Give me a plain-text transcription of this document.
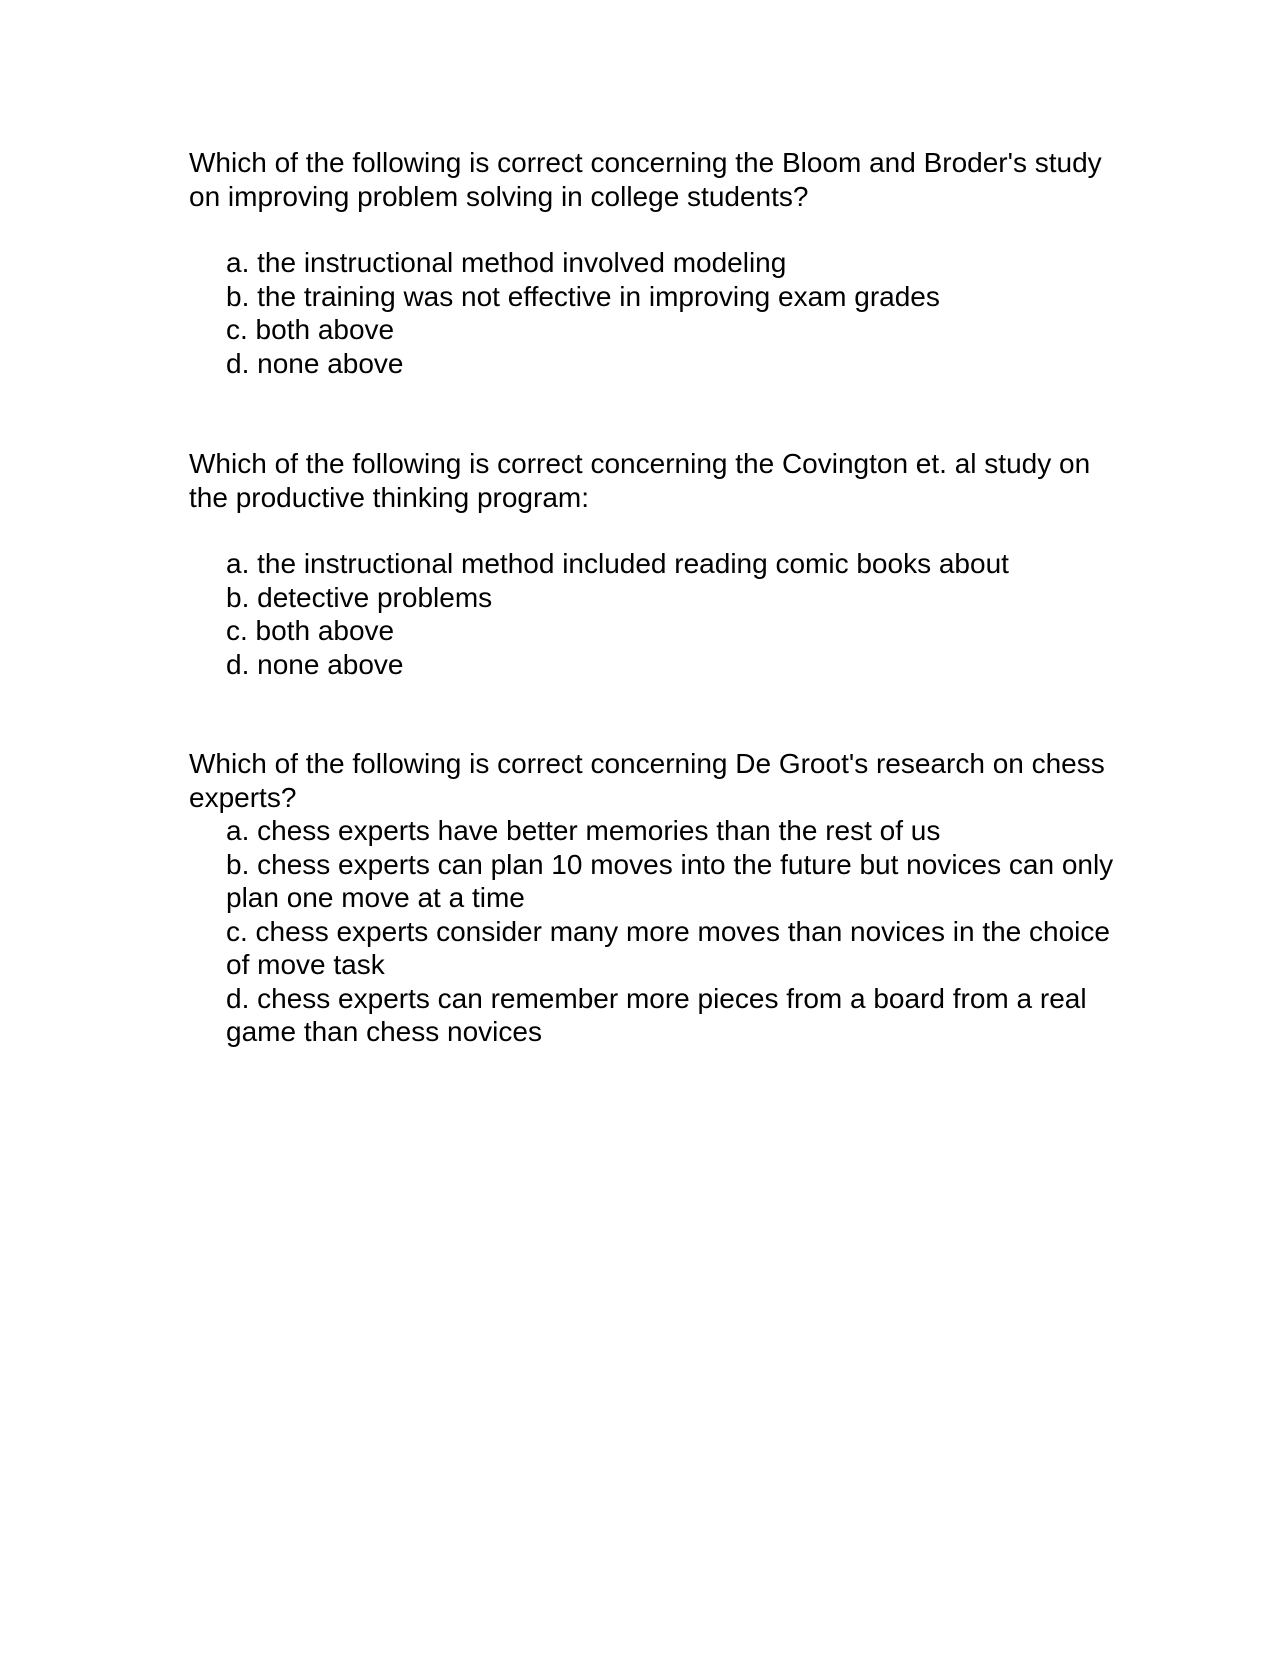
Which of the following is correct concerning the Bloom and Broder's study on improving problem solving in college students?

a. the instructional method involved modeling
b. the training was not effective in improving exam grades
c. both above
d. none above

Which of the following is correct concerning the Covington et. al study on the productive thinking program:

a. the instructional method included reading comic books about
b. detective problems
c. both above
d. none above

Which of the following is correct concerning De Groot's research on chess experts?

a. chess experts have better memories than the rest of us
b. chess experts can plan 10 moves into the future but novices can only plan one move at a time
c. chess experts consider many more moves than novices in the choice of move task
d. chess experts can remember more pieces from a board from a real game than chess novices
